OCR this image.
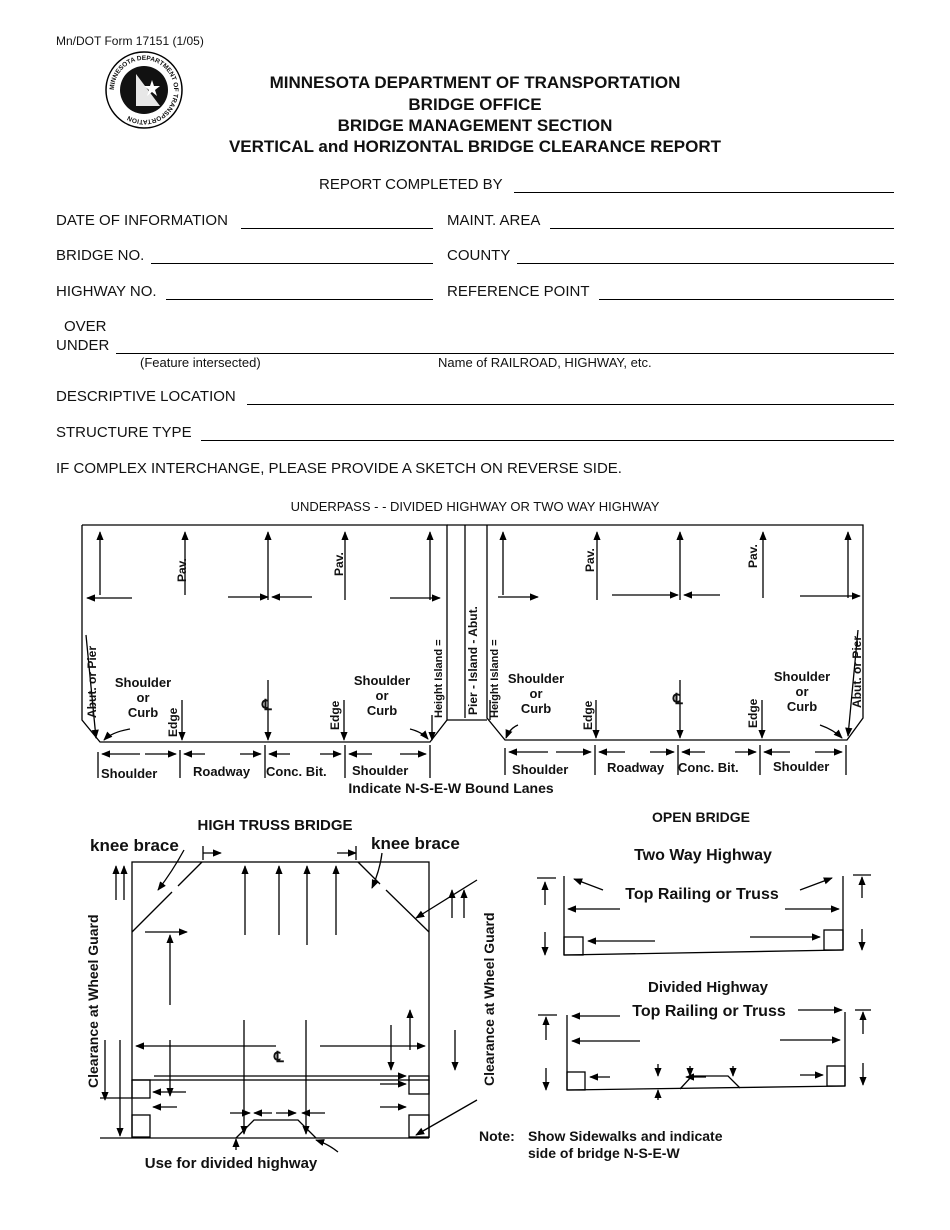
Mn/DOT Form 17151 (1/05)
MINNESOTA DEPARTMENT OF TRANSPORTATION
Pav.	Pav.	Pav.	Pav.
Abut. or Pier	Abut. or Pier
Shoulder
or
Curb
Shoulder
or
Curb
Shoulder
or
Curb
Shoulder
or
Curb
Edge	Edge	Edge	Edge
℄	℄
Height Island =	Height Island =
Pier - Island - Abut.
Shoulder	Roadway Conc. Bit. Shoulder	Shoulder	Roadway Conc. Bit.	Shoulder
Indicate N-S-E-W Bound Lanes
HIGH TRUSS BRIDGE
knee brace	knee brace
Clearance at Wheel Guard	Clearance at Wheel Guard
℄
Use for divided highway
OPEN BRIDGE
Two Way Highway
Top Railing or Truss
Divided Highway
Top Railing or Truss
Note: Show Sidewalks and indicate
side of bridge N-S-E-W
MINNESOTA DEPARTMENT OF TRANSPORTATION
BRIDGE OFFICE
BRIDGE MANAGEMENT SECTION
VERTICAL and HORIZONTAL BRIDGE CLEARANCE REPORT
REPORT COMPLETED BY
DATE OF INFORMATION	MAINT. AREA
BRIDGE NO.	COUNTY
HIGHWAY NO.	REFERENCE POINT
OVER
UNDER
(Feature intersected)	Name of RAILROAD, HIGHWAY, etc.
DESCRIPTIVE LOCATION
STRUCTURE TYPE
IF COMPLEX INTERCHANGE, PLEASE PROVIDE A SKETCH ON REVERSE SIDE.
UNDERPASS - - DIVIDED HIGHWAY OR TWO WAY HIGHWAY
